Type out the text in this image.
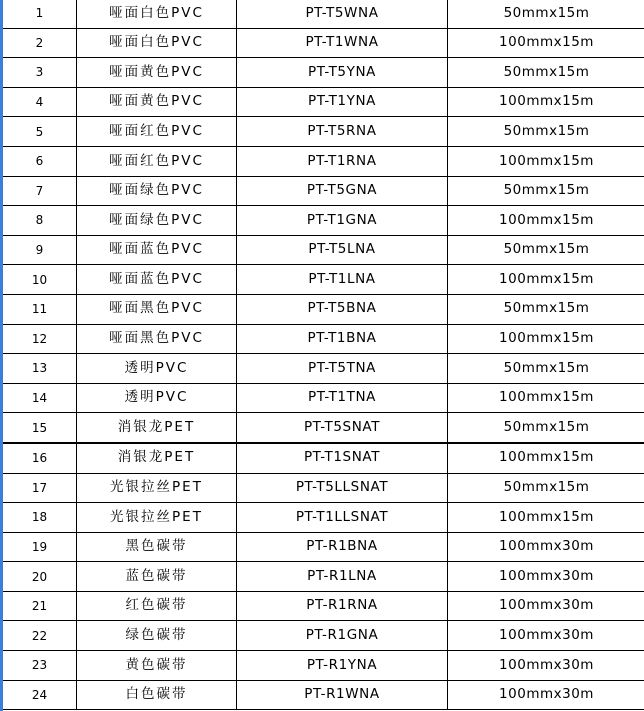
1	哑面白色PVC	PT-T5WNA	50mmx15m
2	哑面白色PVC	PT-T1WNA	100mmx15m
3	哑面黄色PVC	PT-T5YNA	50mmx15m
4	哑面黄色PVC	PT-T1YNA	100mmx15m
5	哑面红色PVC	PT-T5RNA	50mmx15m
6	哑面红色PVC	PT-T1RNA	100mmx15m
7	哑面绿色PVC	PT-T5GNA	50mmx15m
8	哑面绿色PVC	PT-T1GNA	100mmx15m
9	哑面蓝色PVC	PT-T5LNA	50mmx15m
10	哑面蓝色PVC	PT-T1LNA	100mmx15m
11	哑面黑色PVC	PT-T5BNA	50mmx15m
12	哑面黑色PVC	PT-T1BNA	100mmx15m
13	透明PVC	PT-T5TNA	50mmx15m
14	透明PVC	PT-T1TNA	100mmx15m
15	消银龙PET	PT-T5SNAT	50mmx15m
16	消银龙PET	PT-T1SNAT	100mmx15m
17	光银拉丝PET	PT-T5LLSNAT	50mmx15m
18	光银拉丝PET	PT-T1LLSNAT	100mmx15m
19	黑色碳带	PT-R1BNA	100mmx30m
20	蓝色碳带	PT-R1LNA	100mmx30m
21	红色碳带	PT-R1RNA	100mmx30m
22	绿色碳带	PT-R1GNA	100mmx30m
23	黄色碳带	PT-R1YNA	100mmx30m
24	白色碳带	PT-R1WNA	100mmx30m
